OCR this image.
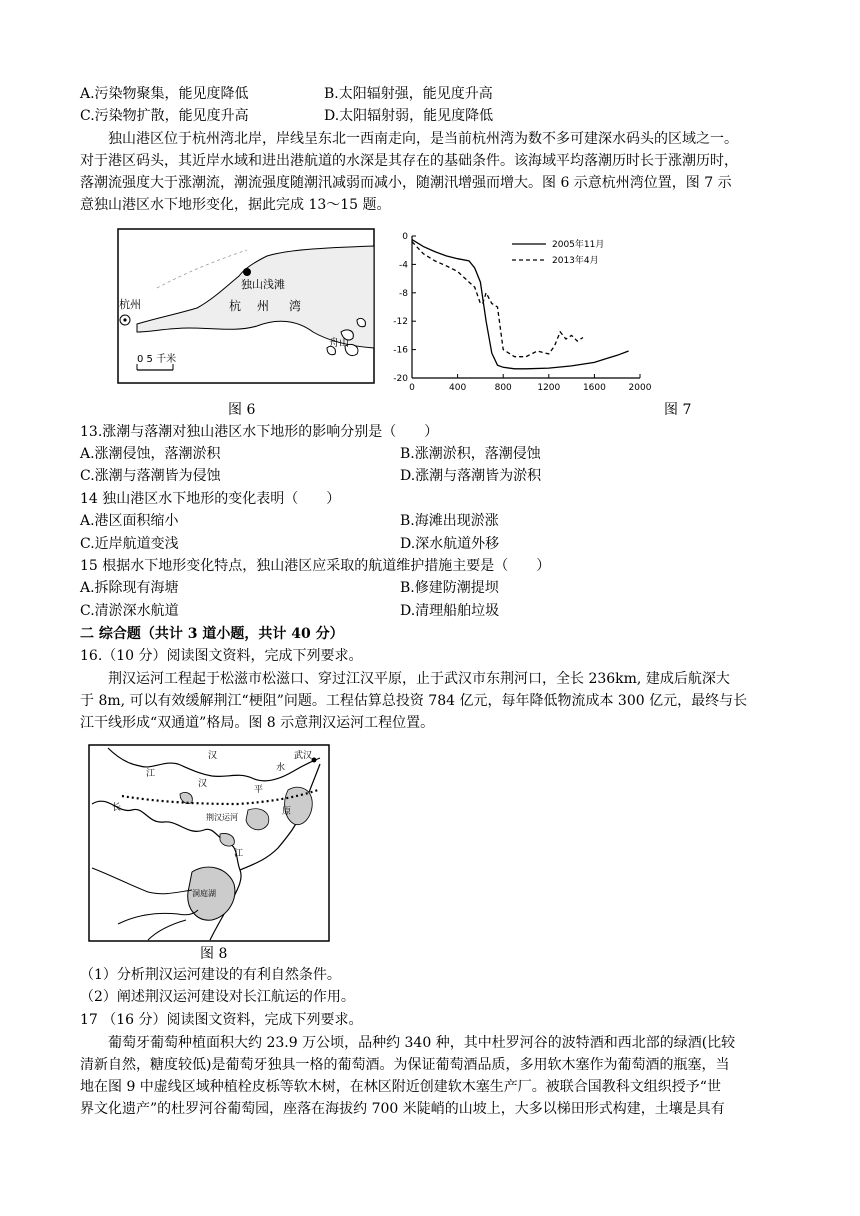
A.污染物聚集，能见度降低	B.太阳辐射强，能见度升高
C.污染物扩散，能见度升高	D.太阳辐射弱，能见度降低
独山港区位于杭州湾北岸，岸线呈东北一西南走向，是当前杭州湾为数不多可建深水码头的区域之一。
对于港区码头，其近岸水域和进出港航道的水深是其存在的基础条件。该海域平均落潮历时长于涨潮历时，
落潮流强度大于涨潮流，潮流强度随潮汛减弱而减小，随潮汛增强而增大。图 6 示意杭州湾位置，图 7 示
意独山港区水下地形变化，据此完成 13～15 题。
独山浅滩
杭州	杭 州 湾
舟山
0 5 千米
图 6
0	400	800	1200	1600	2000
0
-4
-8
-12
-16
-20
2005年11月
2013年4月
图 7
13.涨潮与落潮对独山港区水下地形的影响分别是（　　）
A.涨潮侵蚀，落潮淤积	B.涨潮淤积，落潮侵蚀
C.涨潮与落潮皆为侵蚀	D.涨潮与落潮皆为淤积
14 独山港区水下地形的变化表明（　　）
A.港区面积缩小	B.海滩出现淤涨
C.近岸航道变浅	D.深水航道外移
15 根据水下地形变化特点，独山港区应采取的航道维护措施主要是（　　）
A.拆除现有海塘	B.修建防潮提坝
C.清淤深水航道	D.清理船舶垃圾
二 综合题（共计 3 道小题，共计 40 分）
16.（10 分）阅读图文资料，完成下列要求。
荆汉运河工程起于松滋市松滋口、穿过江汉平原，止于武汉市东荆河口，全长 236km, 建成后航深大
于 8m, 可以有效缓解荆江“梗阻”问题。工程估算总投资 784 亿元，每年降低物流成本 300 亿元，最终与长
江干线形成“双通道”格局。图 8 示意荆汉运河工程位置。
武汉
汉
水
江
汉
平
原
长
荆汉运河
江
洞庭湖
图 8
（1）分析荆汉运河建设的有利自然条件。
（2）阐述荆汉运河建设对长江航运的作用。
17 （16 分）阅读图文资料，完成下列要求。
葡萄牙葡萄种植面积大约 23.9 万公顷，品种约 340 种，其中杜罗河谷的波特酒和西北部的绿酒(比较
清新自然，糖度较低)是葡萄牙独具一格的葡萄酒。为保证葡萄酒品质，多用软木塞作为葡萄酒的瓶塞，当
地在图 9 中虚线区域种植栓皮栎等软木树，在林区附近创建软木塞生产厂。被联合国教科文组织授予“世
界文化遗产”的杜罗河谷葡萄园，座落在海拔约 700 米陡峭的山坡上，大多以梯田形式构建，土壤是具有
